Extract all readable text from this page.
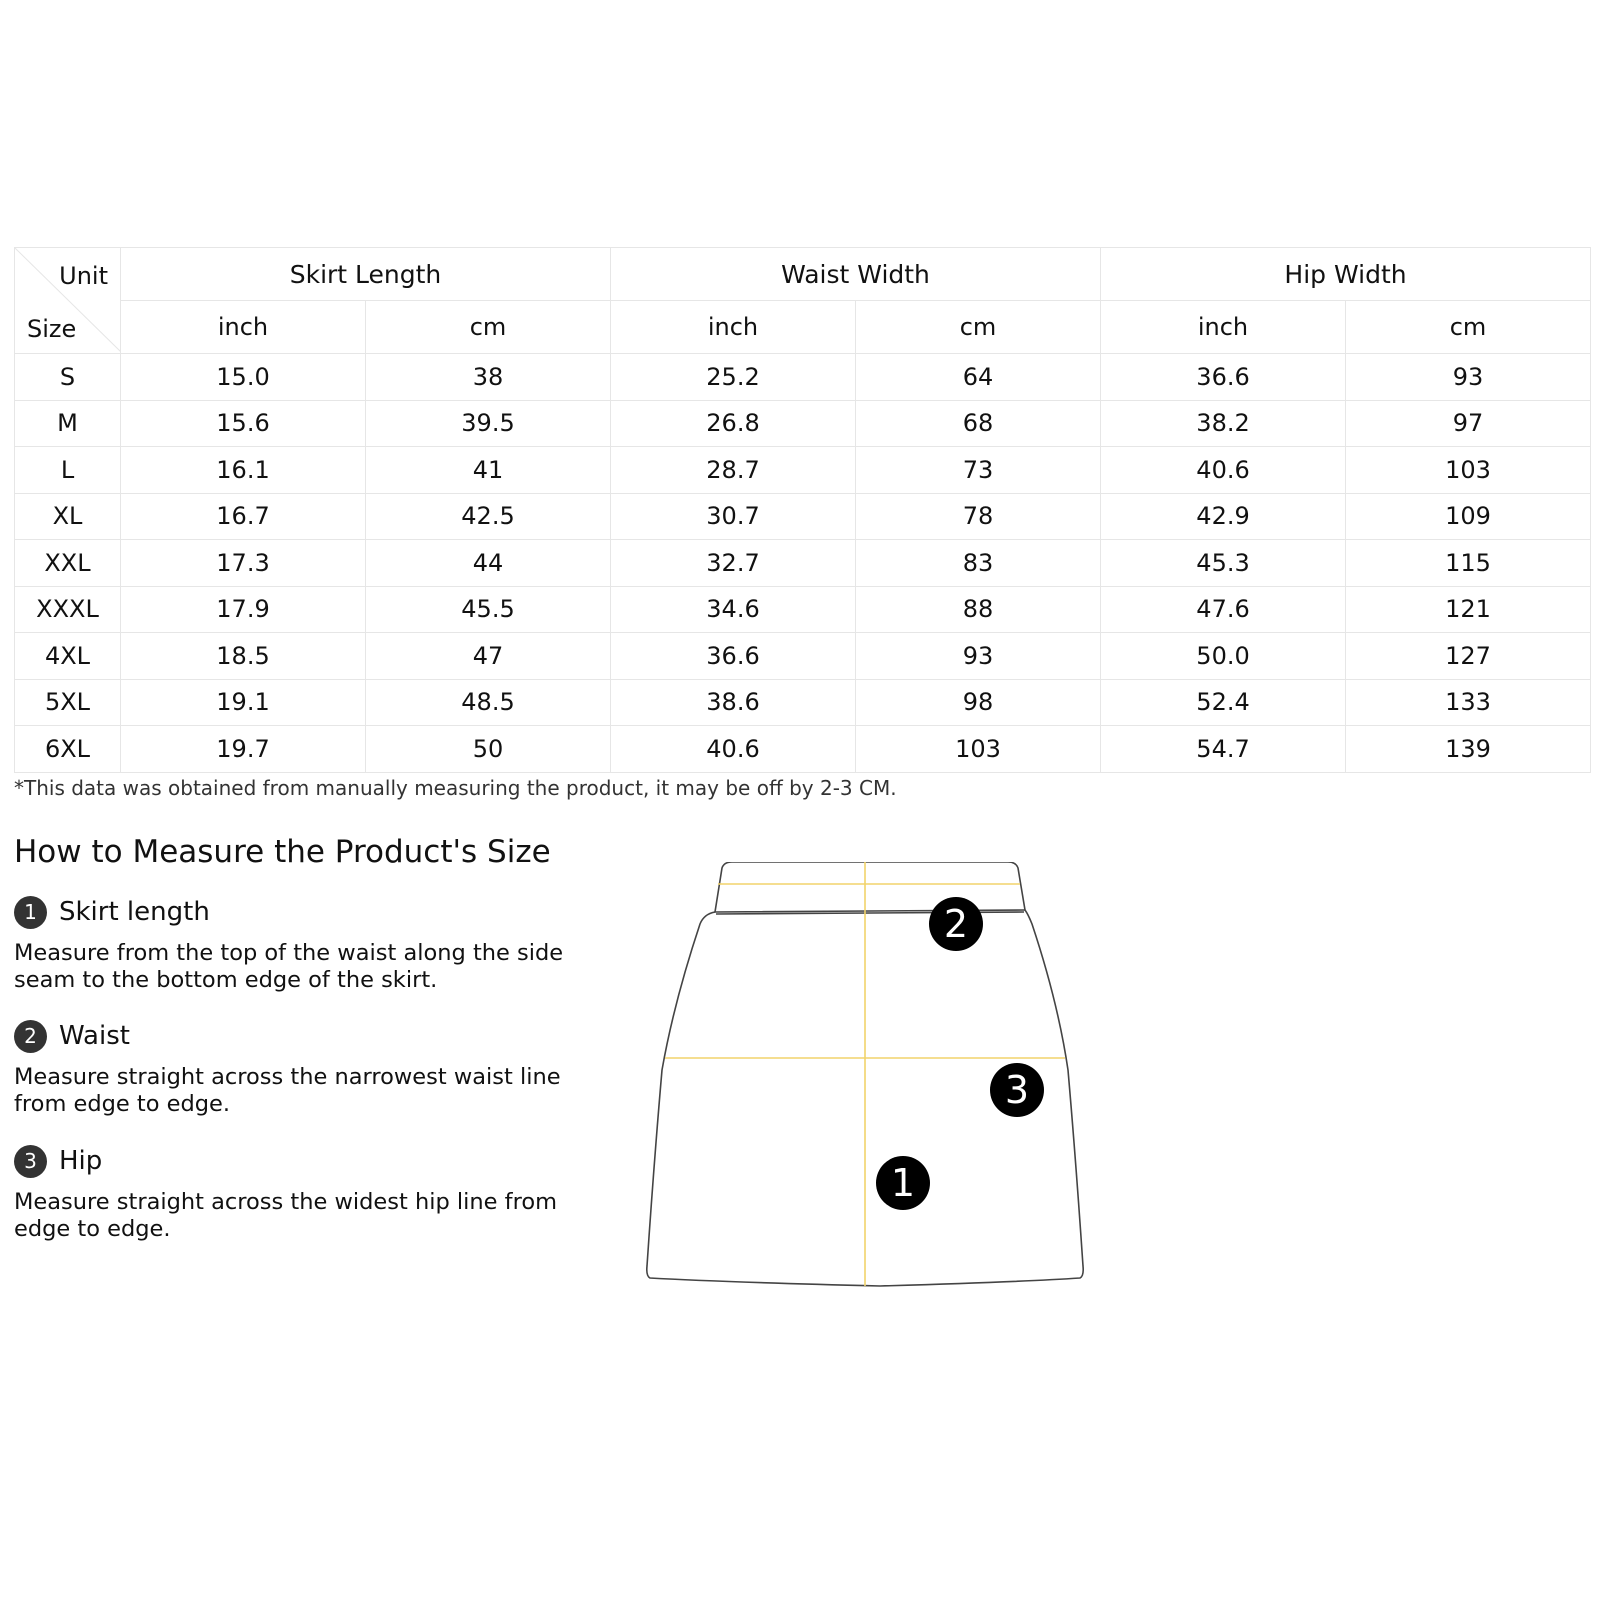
Unit
Size	Skirt Length		Waist Width		Hip Width	
	inch	cm	inch	cm	inch	cm
S	15.0	38	25.2	64	36.6	93
M	15.6	39.5	26.8	68	38.2	97
L	16.1	41	28.7	73	40.6	103
XL	16.7	42.5	30.7	78	42.9	109
XXL	17.3	44	32.7	83	45.3	115
XXXL	17.9	45.5	34.6	88	47.6	121
4XL	18.5	47	36.6	93	50.0	127
5XL	19.1	48.5	38.6	98	52.4	133
6XL	19.7	50	40.6	103	54.7	139
*This data was obtained from manually measuring the product, it may be off by 2-3 CM.
How to Measure the Product's Size
1 Skirt length
Measure from the top of the waist along the side seam to the bottom edge of the skirt.
2 Waist
Measure straight across the narrowest waist line from edge to edge.
3 Hip
Measure straight across the widest hip line from edge to edge.
2
3
1
